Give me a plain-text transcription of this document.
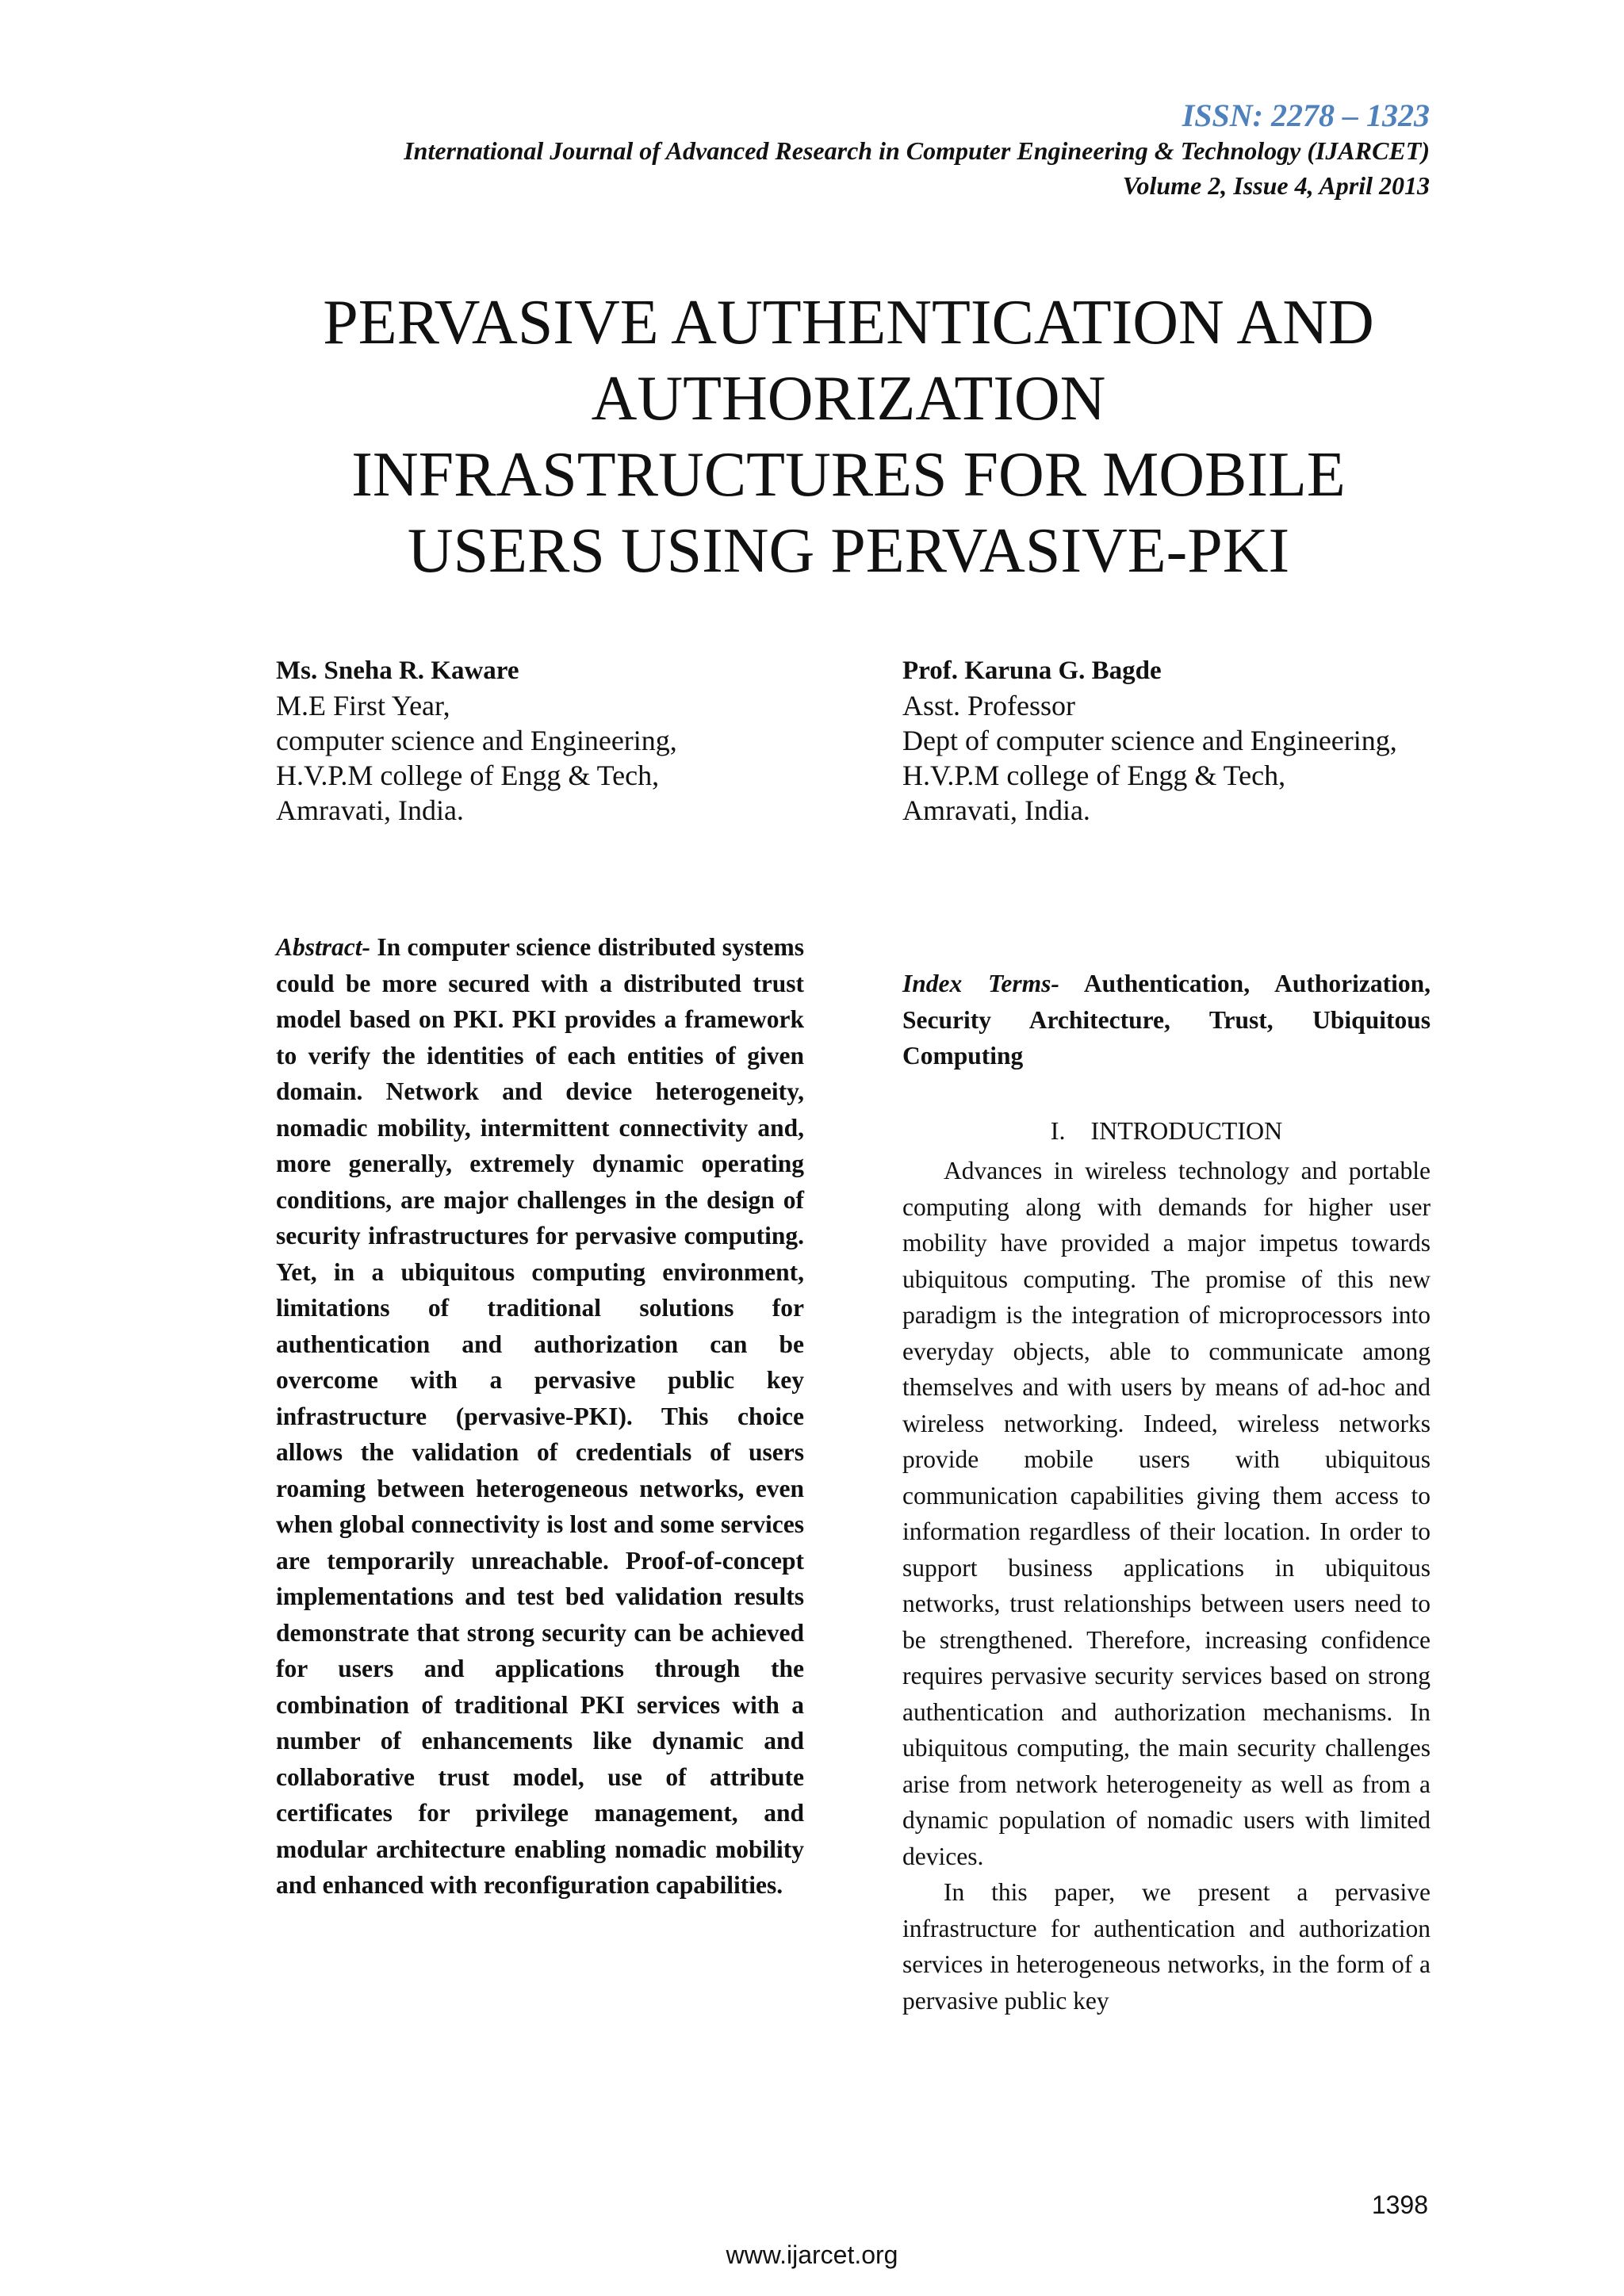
ISSN: 2278 – 1323
International Journal of Advanced Research in Computer Engineering & Technology (IJARCET)
Volume 2, Issue 4, April 2013
PERVASIVE AUTHENTICATION AND
AUTHORIZATION
INFRASTRUCTURES FOR MOBILE
USERS USING PERVASIVE-PKI
Ms. Sneha R. Kaware
M.E First Year,
computer science and Engineering,
H.V.P.M college of Engg & Tech,
Amravati, India.
Prof. Karuna G. Bagde
Asst. Professor
Dept of computer science and Engineering,
H.V.P.M college of Engg & Tech,
Amravati, India.
Abstract- In computer science distributed systems could be more secured with a distributed trust model based on PKI. PKI provides a framework to verify the identities of each entities of given domain. Network and device heterogeneity, nomadic mobility, intermittent connectivity and, more generally, extremely dynamic operating conditions, are major challenges in the design of security infrastructures for pervasive computing. Yet, in a ubiquitous computing environment, limitations of traditional solutions for authentication and authorization can be overcome with a pervasive public key infrastructure (pervasive-PKI). This choice allows the validation of credentials of users roaming between heterogeneous networks, even when global connectivity is lost and some services are temporarily unreachable. Proof-of-concept implementations and test bed validation results demonstrate that strong security can be achieved for users and applications through the combination of traditional PKI services with a number of enhancements like dynamic and collaborative trust model, use of attribute certificates for privilege management, and modular architecture enabling nomadic mobility and enhanced with reconfiguration capabilities.
Index Terms- Authentication, Authorization, Security Architecture, Trust, Ubiquitous Computing
I.    INTRODUCTION

Advances in wireless technology and portable computing along with demands for higher user mobility have provided a major impetus towards ubiquitous computing. The promise of this new paradigm is the integration of microprocessors into everyday objects, able to communicate among themselves and with users by means of ad-hoc and wireless networking. Indeed, wireless networks provide mobile users with ubiquitous communication capabilities giving them access to information regardless of their location. In order to support business applications in ubiquitous networks, trust relationships between users need to be strengthened. Therefore, increasing confidence requires pervasive security services based on strong authentication and authorization mechanisms. In ubiquitous computing, the main security challenges arise from network heterogeneity as well as from a dynamic population of nomadic users with limited devices.

In this paper, we present a pervasive infrastructure for authentication and authorization services in heterogeneous networks, in the form of a pervasive public key

1398
www.ijarcet.org
